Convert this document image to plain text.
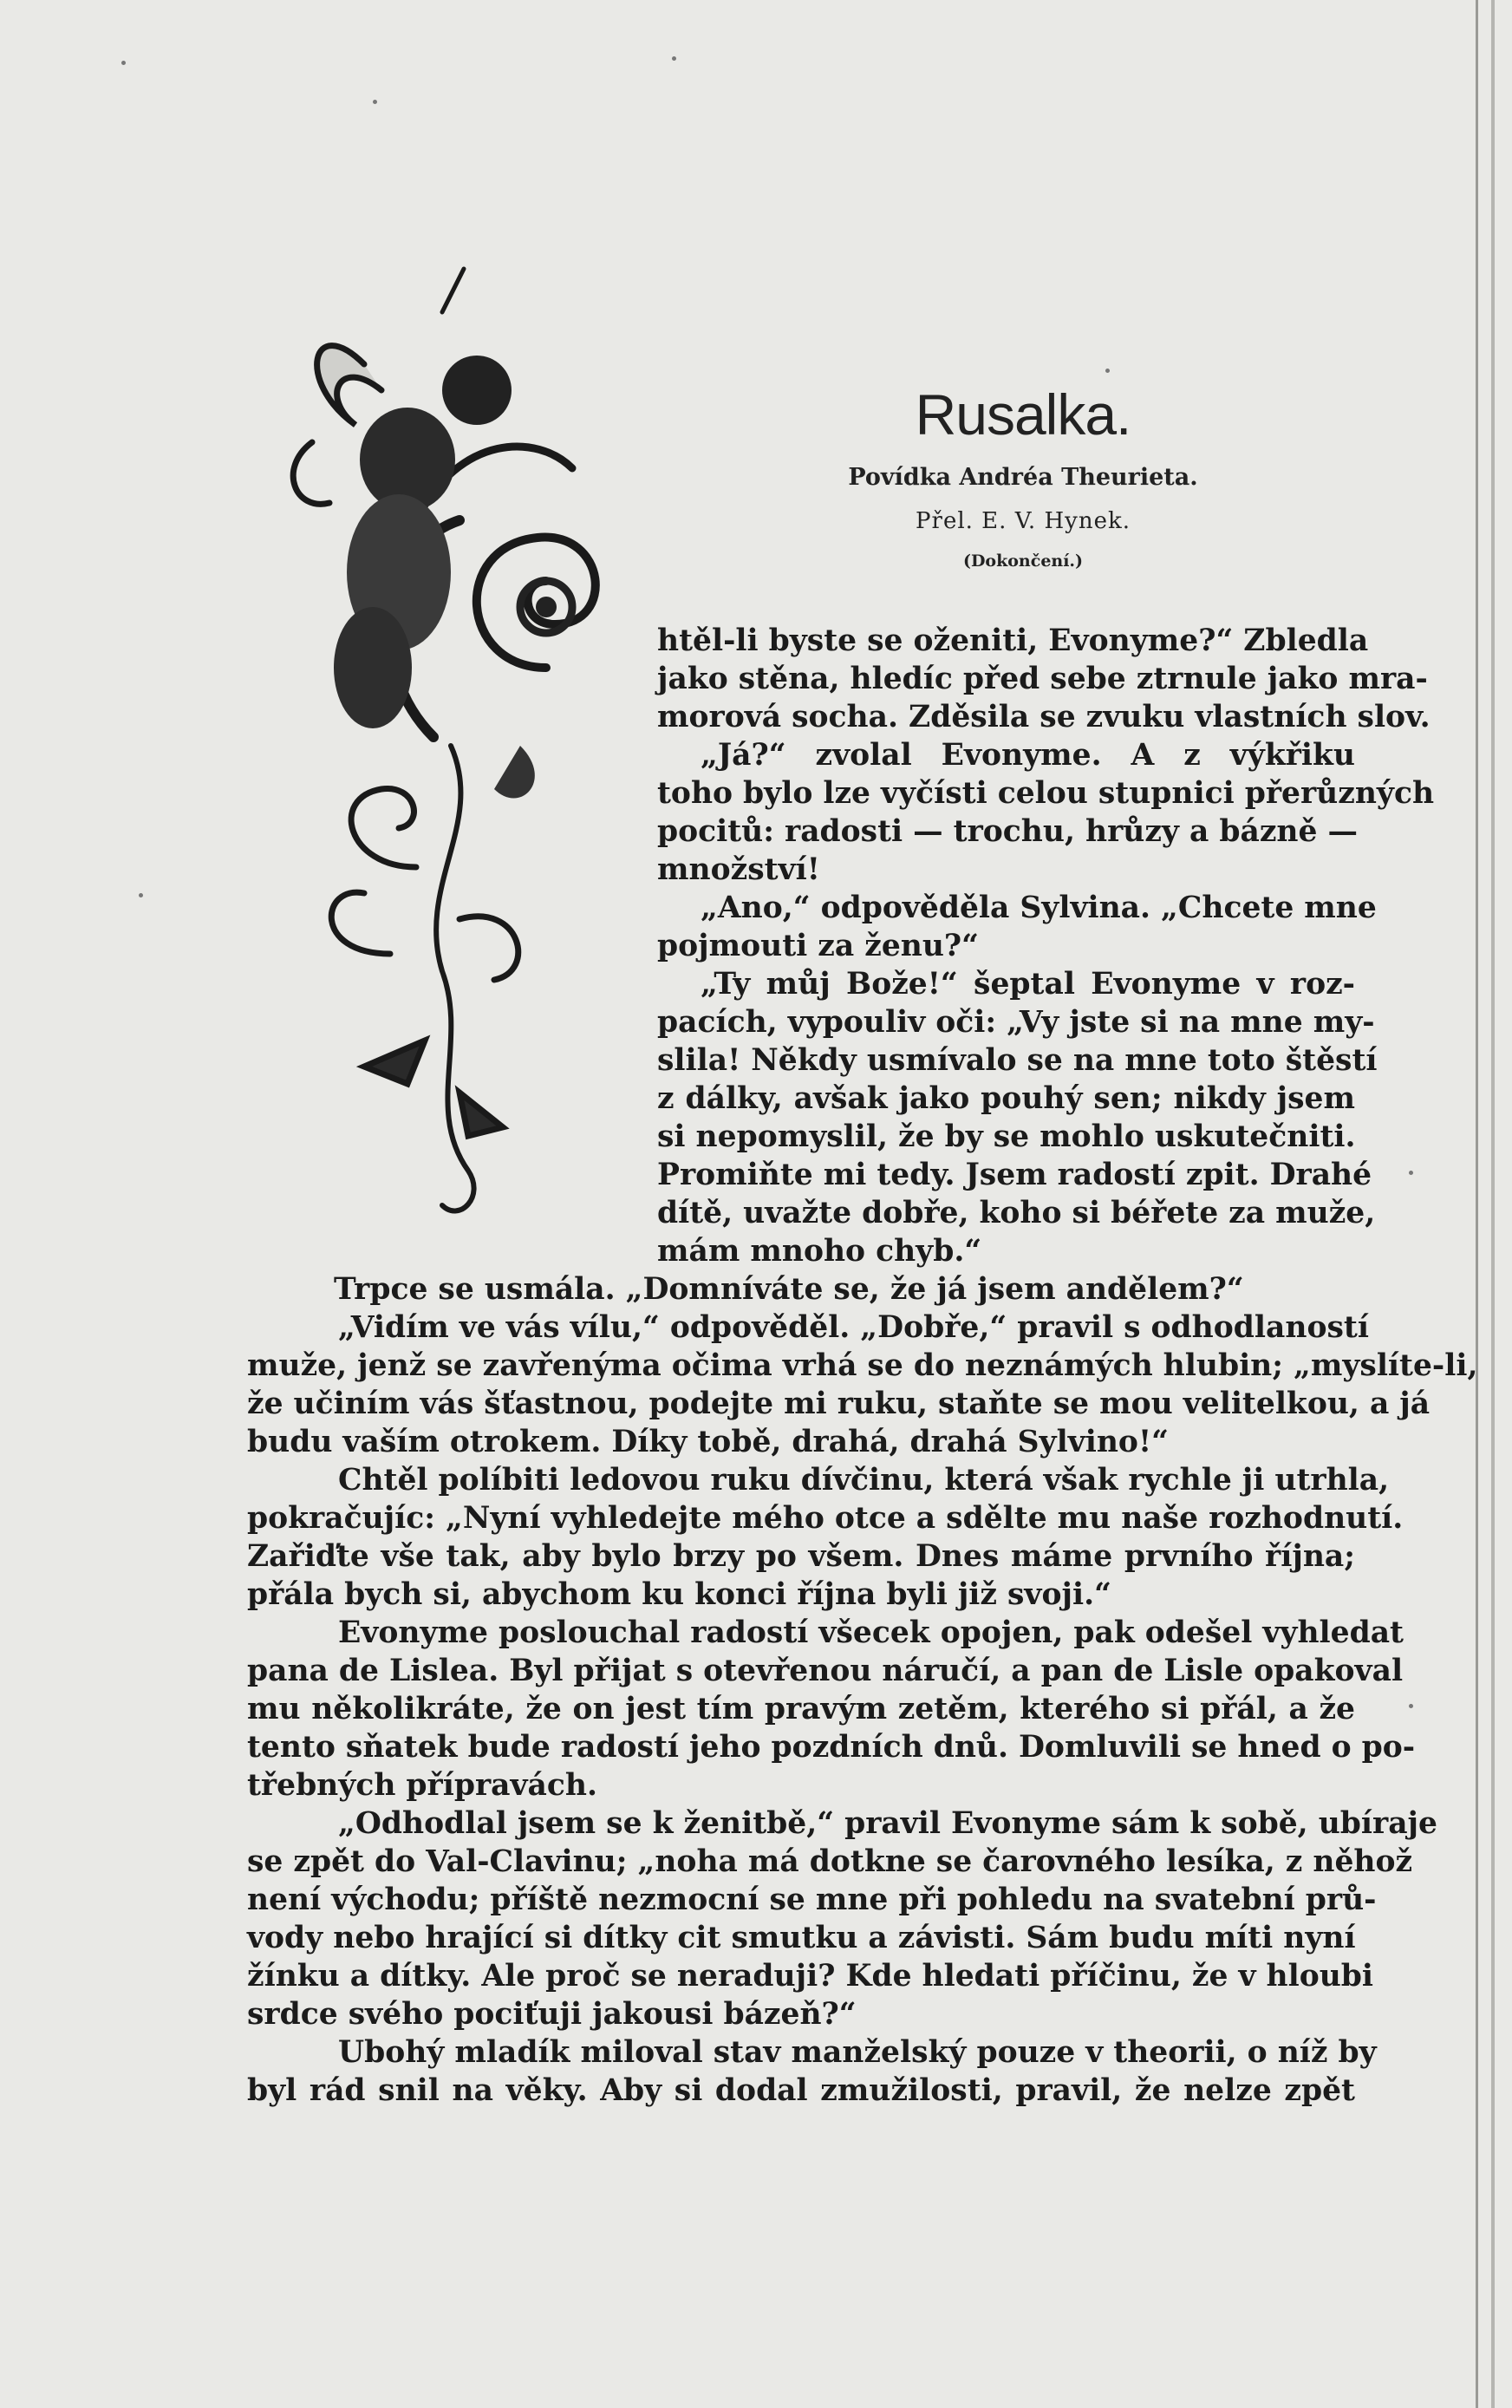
Rusalka.
Povídka Andréa Theurieta.
Přel. E. V. Hynek.
(Dokončení.)
htěl-li byste se oženiti, Evonyme?“ Zbledla
jako stěna, hledíc před sebe ztrnule jako mra-
morová socha. Zděsila se zvuku vlastních slov.
„Já?“ zvolal Evonyme. A z výkřiku
toho bylo lze vyčísti celou stupnici přerůzných
pocitů: radosti — trochu, hrůzy a bázně —
množství!
„Ano,“ odpověděla Sylvina. „Chcete mne
pojmouti za ženu?“
„Ty můj Bože!“ šeptal Evonyme v roz-
pacích, vypouliv oči: „Vy jste si na mne my-
slila! Někdy usmívalo se na mne toto štěstí
z dálky, avšak jako pouhý sen; nikdy jsem
si nepomyslil, že by se mohlo uskutečniti.
Promiňte mi tedy. Jsem radostí zpit. Drahé
dítě, uvažte dobře, koho si béřete za muže,
mám mnoho chyb.“
Trpce se usmála. „Domníváte se, že já jsem andělem?“
„Vidím ve vás vílu,“ odpověděl. „Dobře,“ pravil s odhodlaností
muže, jenž se zavřenýma očima vrhá se do neznámých hlubin; „myslíte-li,
že učiním vás šťastnou, podejte mi ruku, staňte se mou velitelkou, a já
budu vaším otrokem. Díky tobě, drahá, drahá Sylvino!“
Chtěl políbiti ledovou ruku dívčinu, která však rychle ji utrhla,
pokračujíc: „Nyní vyhledejte mého otce a sdělte mu naše rozhodnutí.
Zařiďte vše tak, aby bylo brzy po všem. Dnes máme prvního října;
přála bych si, abychom ku konci října byli již svoji.“
Evonyme poslouchal radostí všecek opojen, pak odešel vyhledat
pana de Lislea. Byl přijat s otevřenou náručí, a pan de Lisle opakoval
mu několikráte, že on jest tím pravým zetěm, kterého si přál, a že
tento sňatek bude radostí jeho pozdních dnů. Domluvili se hned o po-
třebných přípravách.
„Odhodlal jsem se k ženitbě,“ pravil Evonyme sám k sobě, ubíraje
se zpět do Val-Clavinu; „noha má dotkne se čarovného lesíka, z něhož
není východu; příště nezmocní se mne při pohledu na svatební prů-
vody nebo hrající si dítky cit smutku a závisti. Sám budu míti nyní
žínku a dítky. Ale proč se neraduji? Kde hledati příčinu, že v hloubi
srdce svého pociťuji jakousi bázeň?“
Ubohý mladík miloval stav manželský pouze v theorii, o níž by
byl rád snil na věky. Aby si dodal zmužilosti, pravil, že nelze zpět
